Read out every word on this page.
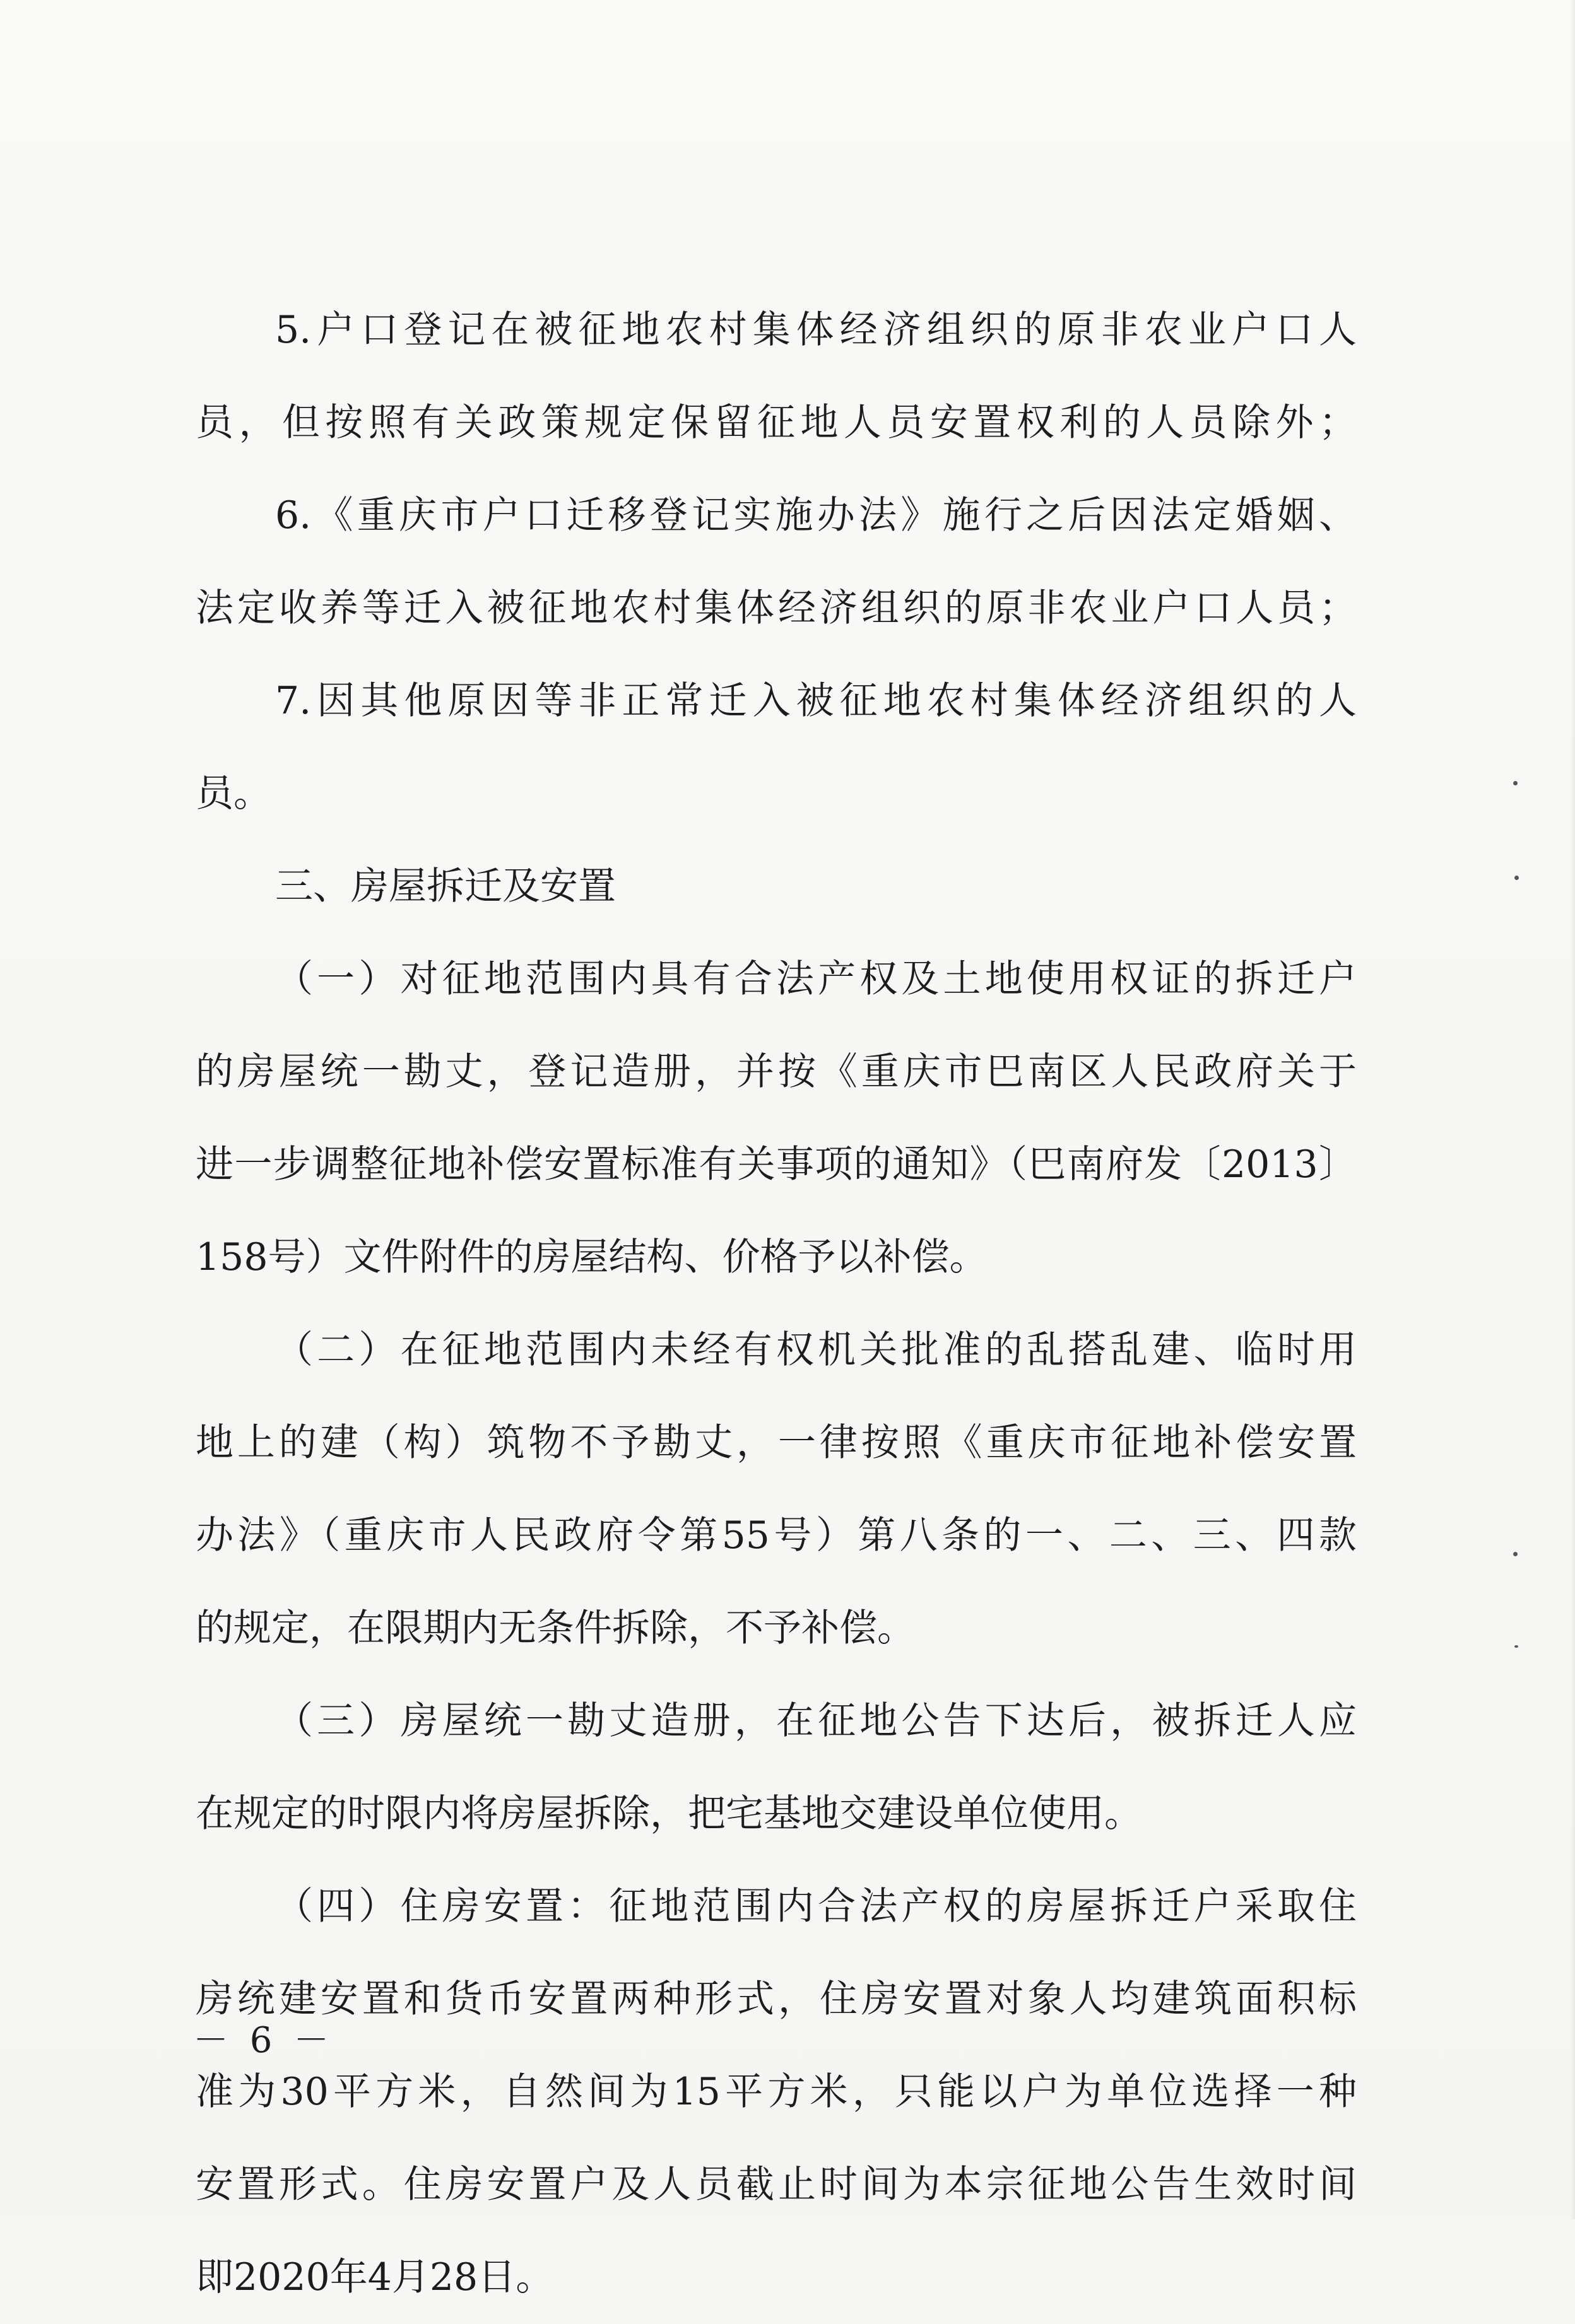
5.户口登记在被征地农村集体经济组织的原非农业户口人
员，但按照有关政策规定保留征地人员安置权利的人员除外；
6.《重庆市户口迁移登记实施办法》施行之后因法定婚姻、
法定收养等迁入被征地农村集体经济组织的原非农业户口人员；
7.因其他原因等非正常迁入被征地农村集体经济组织的人
员。
三、房屋拆迁及安置
（一）对征地范围内具有合法产权及土地使用权证的拆迁户
的房屋统一勘丈，登记造册，并按《重庆市巴南区人民政府关于
进一步调整征地补偿安置标准有关事项的通知》（巴南府发〔2013〕
158号）文件附件的房屋结构、价格予以补偿。
（二）在征地范围内未经有权机关批准的乱搭乱建、临时用
地上的建（构）筑物不予勘丈，一律按照《重庆市征地补偿安置
办法》（重庆市人民政府令第55号）第八条的一、二、三、四款
的规定，在限期内无条件拆除，不予补偿。
（三）房屋统一勘丈造册，在征地公告下达后，被拆迁人应
在规定的时限内将房屋拆除，把宅基地交建设单位使用。
（四）住房安置：征地范围内合法产权的房屋拆迁户采取住
房统建安置和货币安置两种形式，住房安置对象人均建筑面积标
准为30平方米，自然间为15平方米，只能以户为单位选择一种
安置形式。住房安置户及人员截止时间为本宗征地公告生效时间
即2020年4月28日。
－ 6 －
